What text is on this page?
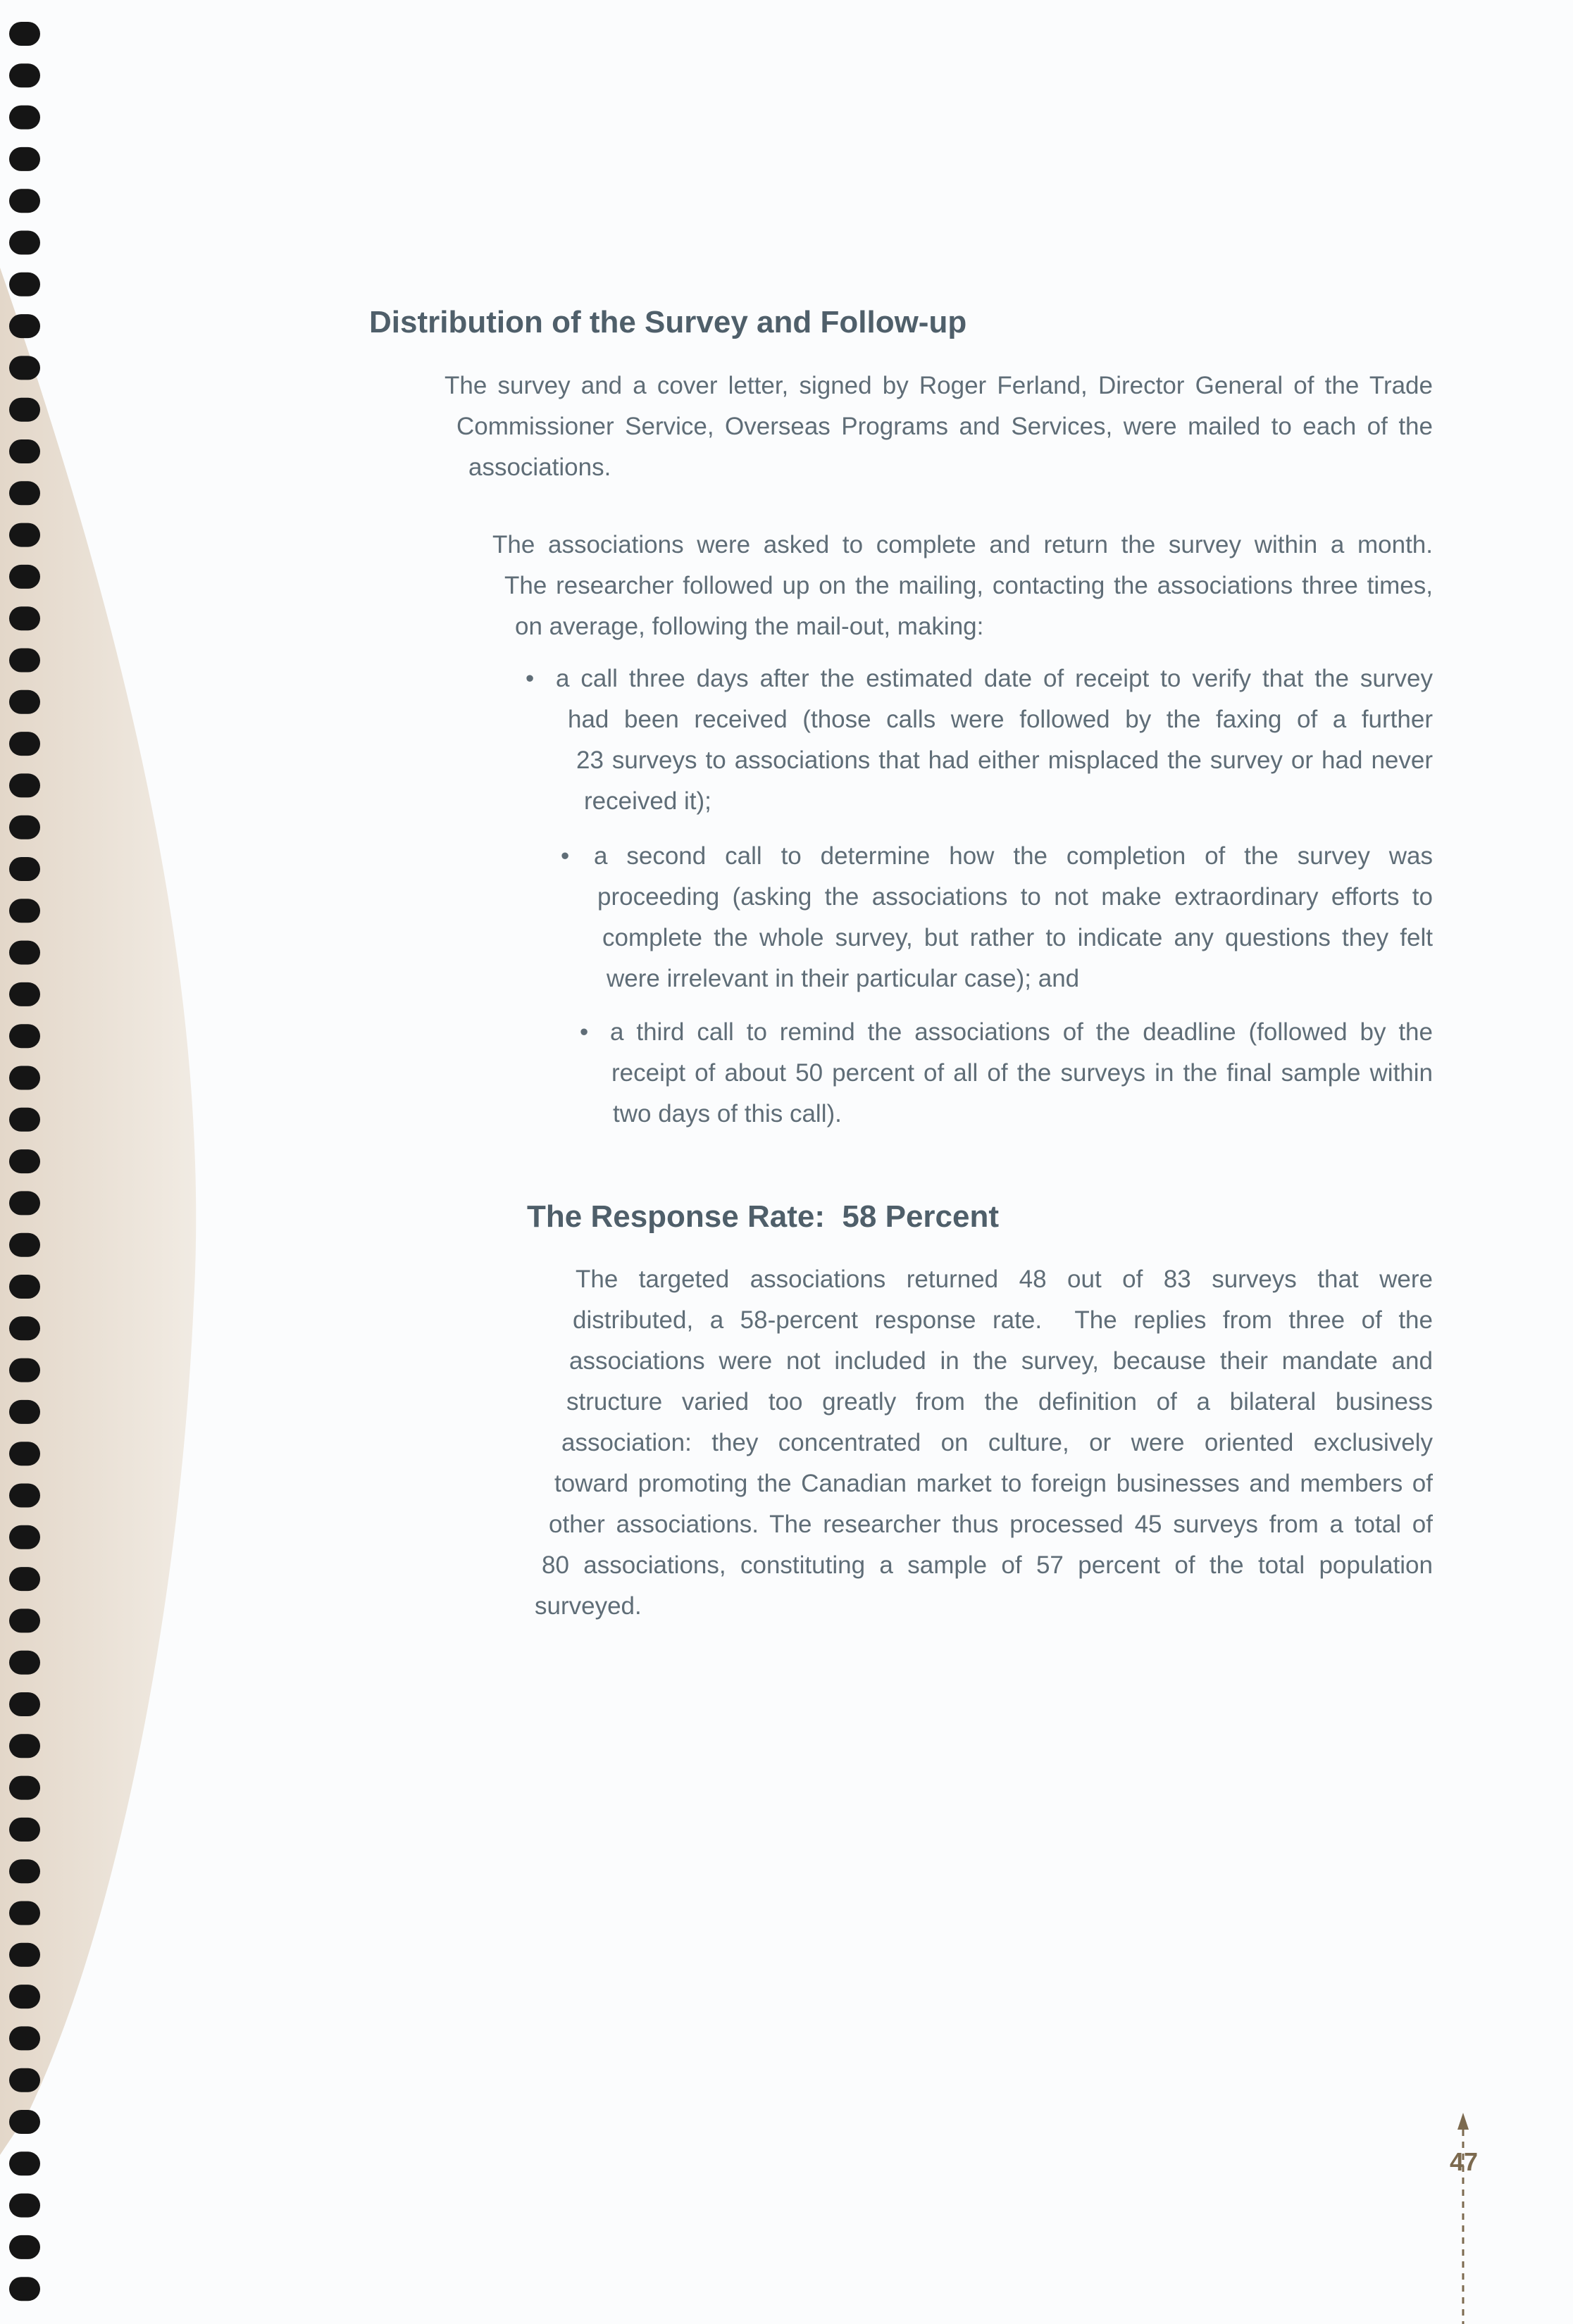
Distribution of the Survey and Follow-up
The survey and a cover letter, signed by Roger Ferland, Director General of the Trade
Commissioner Service, Overseas Programs and Services, were mailed to each of the
associations.
The associations were asked to complete and return the survey within a month.
The researcher followed up on the mailing, contacting the associations three times,
on average, following the mail-out, making:
• a call three days after the estimated date of receipt to verify that the survey
had been received (those calls were followed by the faxing of a further
23 surveys to associations that had either misplaced the survey or had never
received it);
• a second call to determine how the completion of the survey was
proceeding (asking the associations to not make extraordinary efforts to
complete the whole survey, but rather to indicate any questions they felt
were irrelevant in their particular case); and
• a third call to remind the associations of the deadline (followed by the
receipt of about 50 percent of all of the surveys in the final sample within
two days of this call).
The Response Rate:  58 Percent
The targeted associations returned 48 out of 83 surveys that were
distributed, a 58-percent response rate.  The replies from three of the
associations were not included in the survey, because their mandate and
structure varied too greatly from the definition of a bilateral business
association: they concentrated on culture, or were oriented exclusively
toward promoting the Canadian market to foreign businesses and members of
other associations. The researcher thus processed 45 surveys from a total of
80 associations, constituting a sample of 57 percent of the total population
surveyed.
47
